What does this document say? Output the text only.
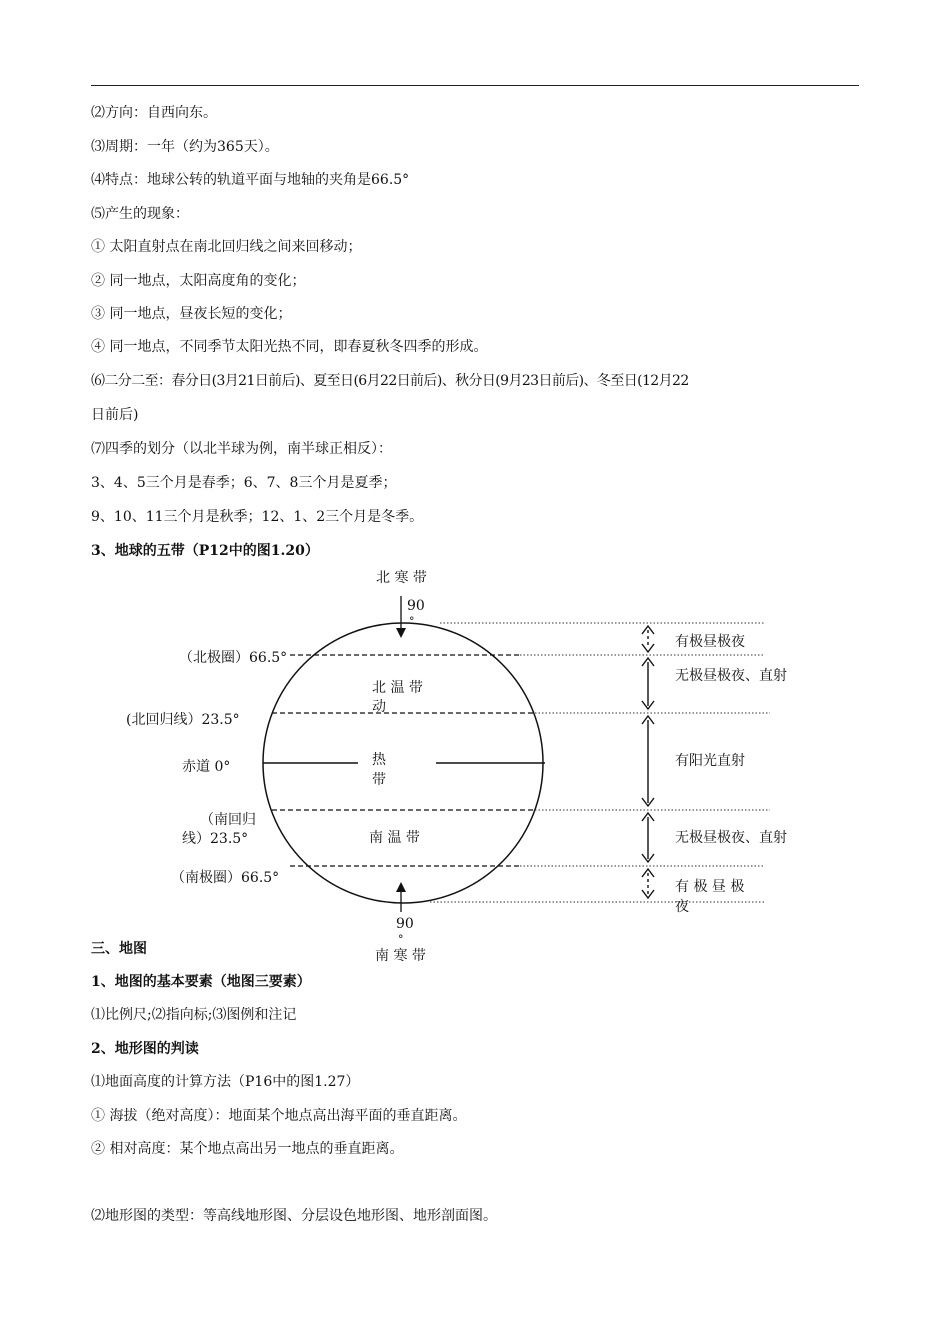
⑵方向：自西向东。
⑶周期：一年（约为365天）。
⑷特点：地球公转的轨道平面与地轴的夹角是66.5°
⑸产生的现象：
① 太阳直射点在南北回归线之间来回移动；
② 同一地点，太阳高度角的变化；
③ 同一地点，昼夜长短的变化；
④ 同一地点，不同季节太阳光热不同，即春夏秋冬四季的形成。
⑹二分二至：春分日(3月21日前后)、夏至日(6月22日前后)、秋分日(9月23日前后)、冬至日(12月22
日前后)
⑺四季的划分（以北半球为例，南半球正相反）：
3、4、5三个月是春季；6、7、8三个月是夏季；
9、10、11三个月是秋季；12、1、2三个月是冬季。
3、地球的五带（P12中的图1.20）
北 寒 带
90
°
（北极圈）66.5°
(北回归线）23.5°
赤道 0°
（南回归
线）23.5°
（南极圈）66.5°
北 温 带
动
热
带
南 温 带
90
°
南 寒 带
有极昼极夜
无极昼极夜、直射
有阳光直射
无极昼极夜、直射
有 极 昼 极
夜
三、地图
1、地图的基本要素（地图三要素）
⑴比例尺;⑵指向标;⑶图例和注记
2、地形图的判读
⑴地面高度的计算方法（P16中的图1.27）
① 海拔（绝对高度）：地面某个地点高出海平面的垂直距离。
② 相对高度：某个地点高出另一地点的垂直距离。
⑵地形图的类型：等高线地形图、分层设色地形图、地形剖面图。
